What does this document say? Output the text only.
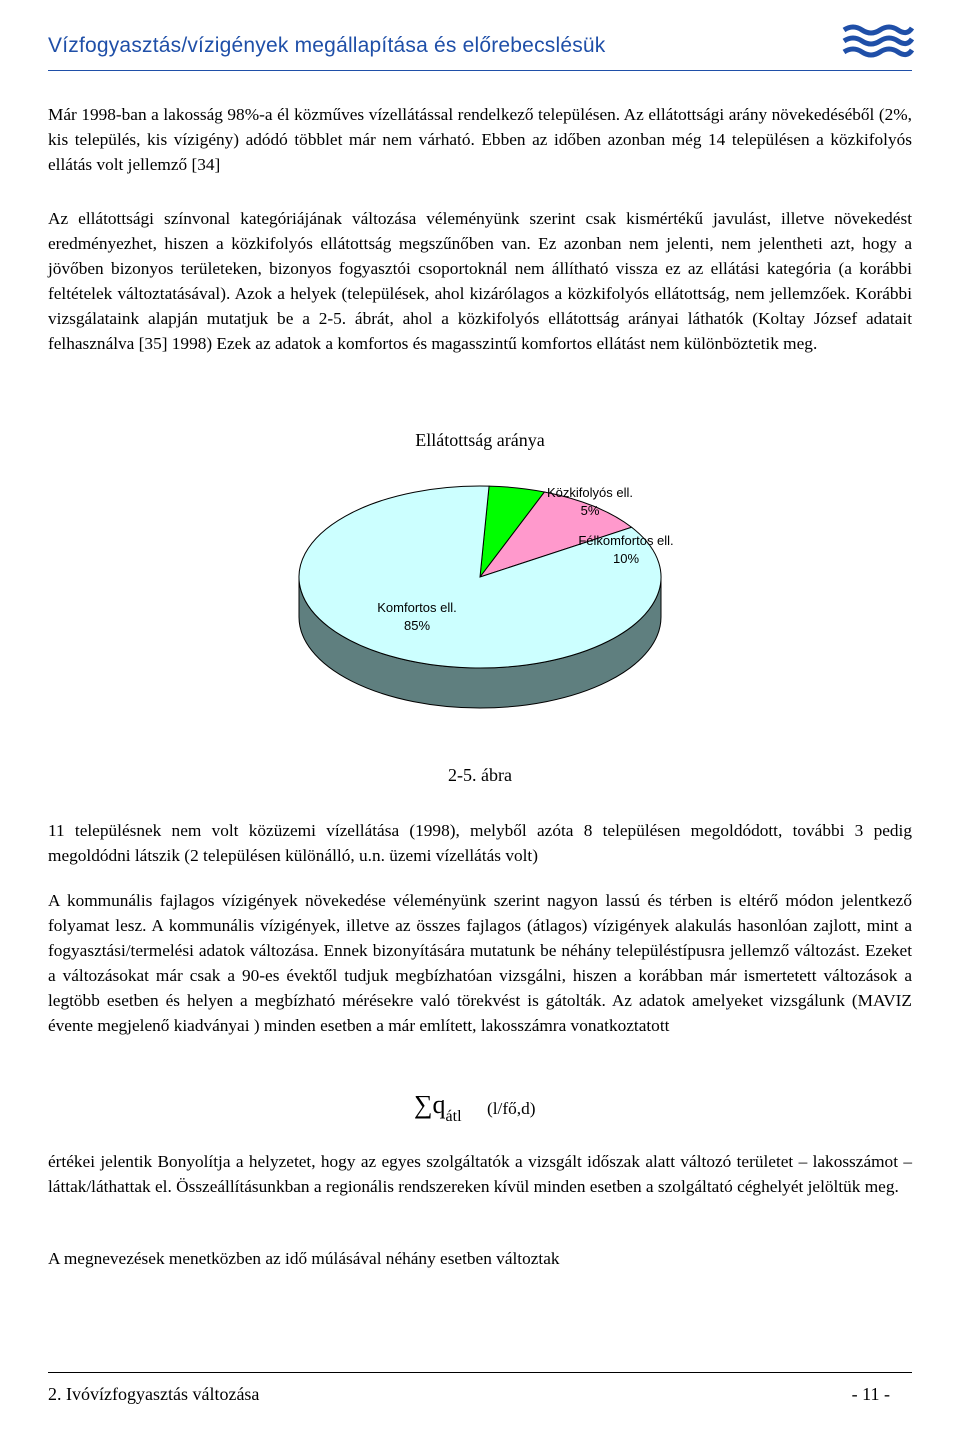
Vízfogyasztás/vízigények megállapítása és előrebecslésük

Már 1998-ban a lakosság 98%-a él közműves vízellátással rendelkező településen. Az ellátottsági arány növekedéséből (2%, kis település, kis vízigény) adódó többlet már nem várható. Ebben az időben azonban még 14 településen a közkifolyós ellátás volt jellemző [34]

Az ellátottsági színvonal kategóriájának változása véleményünk szerint csak kismértékű javulást, illetve növekedést eredményezhet, hiszen a közkifolyós ellátottság megszűnőben van. Ez azonban nem jelenti, nem jelentheti azt, hogy a jövőben bizonyos területeken, bizonyos fogyasztói csoportoknál nem állítható vissza ez az ellátási kategória (a korábbi feltételek változtatásával). Azok a helyek (települések, ahol kizárólagos a közkifolyós ellátottság, nem jellemzőek. Korábbi vizsgálataink alapján mutatjuk be a 2-5. ábrát, ahol a közkifolyós ellátottság arányai láthatók (Koltay József adatait felhasználva [35] 1998) Ezek az adatok a komfortos és magasszintű komfortos ellátást nem különböztetik meg.

Ellátottság aránya
Közkifolyós ell.
5%
Félkomfortos ell.
10%
Komfortos ell.
85%
2-5. ábra

11 településnek nem volt közüzemi vízellátása (1998), melyből azóta 8 településen megoldódott, további 3 pedig megoldódni látszik (2 településen különálló, u.n. üzemi vízellátás volt)

A kommunális fajlagos vízigények növekedése véleményünk szerint nagyon lassú és térben is eltérő módon jelentkező folyamat lesz. A kommunális vízigények, illetve az összes fajlagos (átlagos) vízigények alakulás hasonlóan zajlott, mint a fogyasztási/termelési adatok változása. Ennek bizonyítására mutatunk be néhány településtípusra jellemző változást. Ezeket a változásokat már csak a 90-es évektől tudjuk megbízhatóan vizsgálni, hiszen a korábban már ismertetett változások a legtöbb esetben és helyen a megbízható mérésekre való törekvést is gátolták. Az adatok amelyeket vizsgálunk (MAVIZ évente megjelenő kiadványai ) minden esetben a már említett, lakosszámra vonatkoztatott

$\sum q_{átl}$ (l/fő,d)

értékei jelentik Bonyolítja a helyzetet, hogy az egyes szolgáltatók a vizsgált időszak alatt változó területet – lakosszámot – láttak/láthattak el. Összeállításunkban a regionális rendszereken kívül minden esetben a szolgáltató céghelyét jelöltük meg.

A megnevezések menetközben az idő múlásával néhány esetben változtak

2. Ivóvízfogyasztás változása	- 11 -
